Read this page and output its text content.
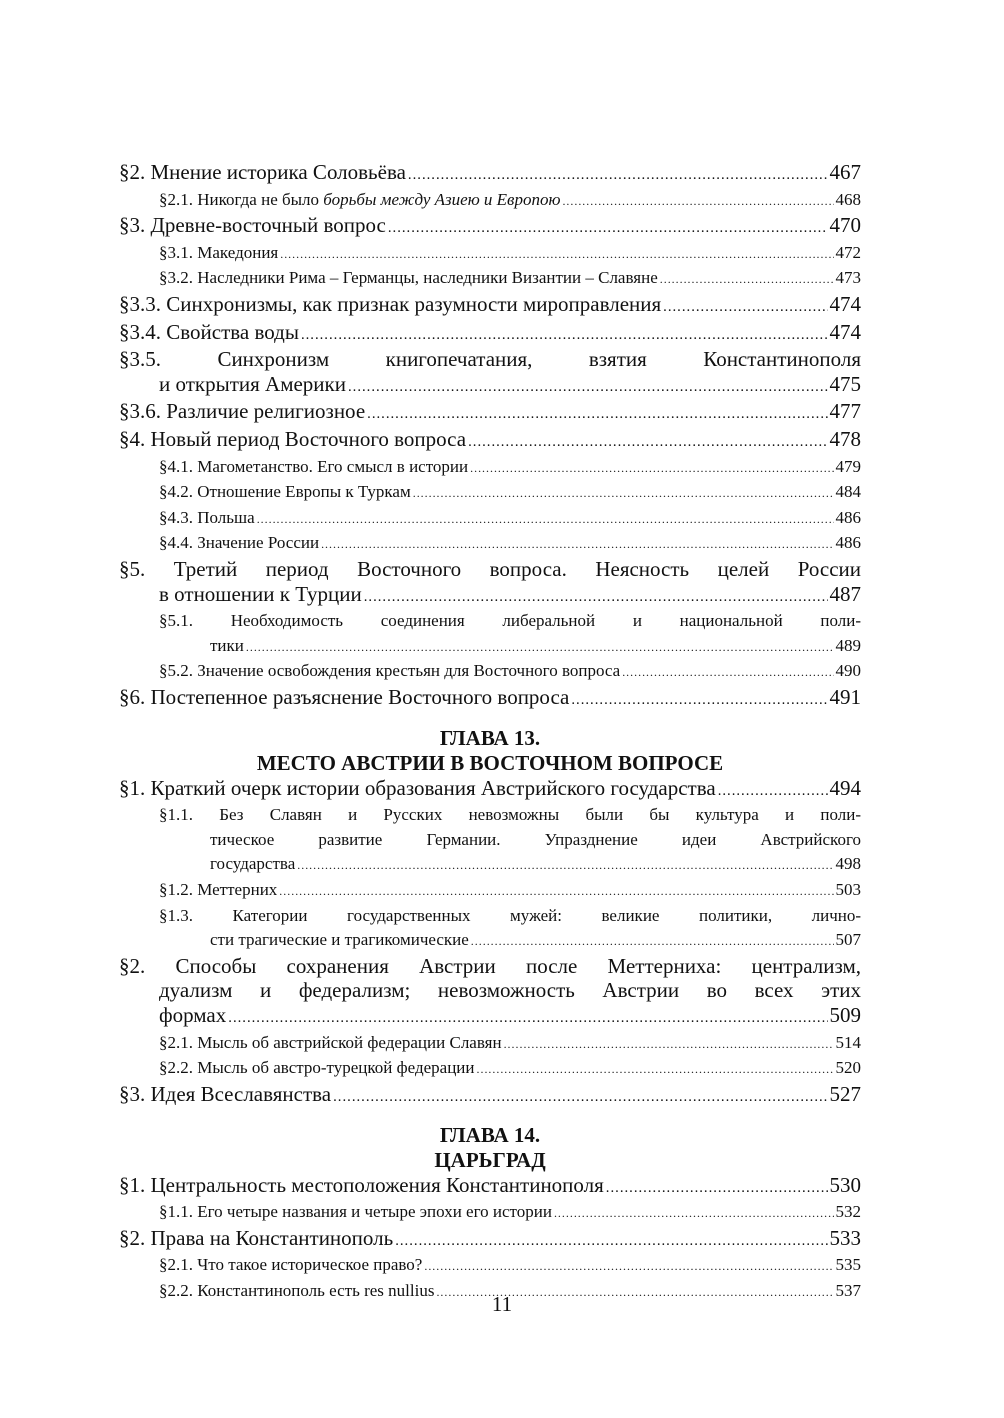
§2. Мнение историка Соловьёва .....	467
§2.1. Никогда не было борьбы между Азиею и Европою .....	468
§3. Древне-восточный вопрос .....	470
§3.1. Македония .....	472
§3.2. Наследники Рима – Германцы, наследники Византии – Славяне .....	473
§3.3. Синхронизмы, как признак разумности мироправления .....	474
§3.4. Свойства воды .....	474
§3.5.	Синхронизм книгопечатания, взятия Константинополя
и открытия Америки .....	475
§3.6. Различие религиозное .....	477
§4. Новый период Восточного вопроса .....	478
§4.1. Магометанство. Его смысл в истории .....	479
§4.2. Отношение Европы к Туркам .....	484
§4.3. Польша .....	486
§4.4. Значение России .....	486
§5. Третий период Восточного вопроса. Неясность целей России
в отношении к Турции .....	487
§5.1. Необходимость соединения либеральной и национальной поли-
тики .....	489
§5.2. Значение освобождения крестьян для Восточного вопроса .....	490
§6. Постепенное разъяснение Восточного вопроса .....	491
ГЛАВА 13.
МЕСТО АВСТРИИ В ВОСТОЧНОМ ВОПРОСЕ
§1. Краткий очерк истории образования Австрийского государства .....	494
§1.1. Без Славян и Русских невозможны были бы культура и поли-
тическое развитие Германии. Упразднение идеи Австрийского
государства .....	498
§1.2. Меттерних .....	503
§1.3. Категории государственных мужей: великие политики, лично-
сти трагические и трагикомические .....	507
§2. Способы сохранения Австрии после Меттерниха: централизм,
дуализм и федерализм; невозможность Австрии во всех этих
формах .....	509
§2.1. Мысль об австрийской федерации Славян .....	514
§2.2. Мысль об австро-турецкой федерации .....	520
§3. Идея Всеславянства .....	527
ГЛАВА 14.
ЦАРЬГРАД
§1. Центральность местоположения Константинополя .....	530
§1.1. Его четыре названия и четыре эпохи его истории .....	532
§2. Права на Константинополь .....	533
§2.1. Что такое историческое право? .....	535
§2.2. Константинополь есть res nullius .....	537
11
